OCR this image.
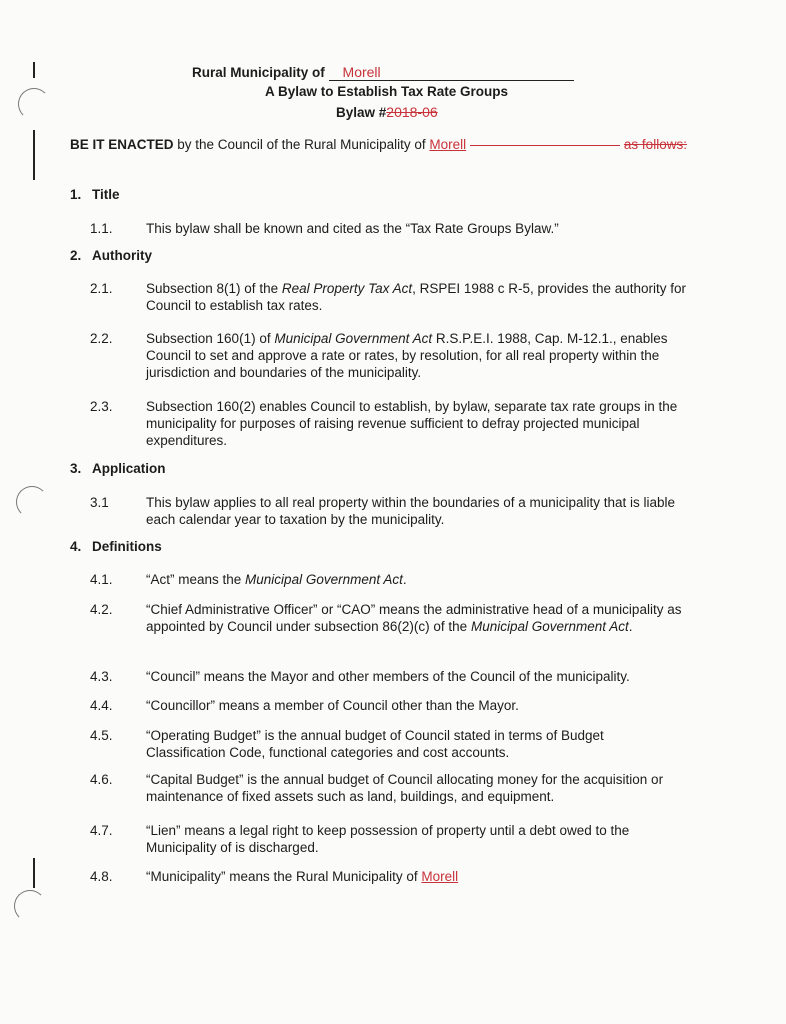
Rural Municipality of Morell
A Bylaw to Establish Tax Rate Groups
Bylaw #2018-06
BE IT ENACTED by the Council of the Rural Municipality of Morell	as follows:
1. Title
1.1.	This bylaw shall be known and cited as the “Tax Rate Groups Bylaw.”
2. Authority
2.1.	Subsection 8(1) of the Real Property Tax Act, RSPEI 1988 c R-5, provides the authority for Council to establish tax rates.
2.2.	Subsection 160(1) of Municipal Government Act R.S.P.E.I. 1988, Cap. M-12.1., enables Council to set and approve a rate or rates, by resolution, for all real property within the jurisdiction and boundaries of the municipality.
2.3.	Subsection 160(2) enables Council to establish, by bylaw, separate tax rate groups in the municipality for purposes of raising revenue sufficient to defray projected municipal expenditures.
3. Application
3.1	This bylaw applies to all real property within the boundaries of a municipality that is liable each calendar year to taxation by the municipality.
4. Definitions
4.1.	“Act” means the Municipal Government Act.
4.2.	“Chief Administrative Officer” or “CAO” means the administrative head of a municipality as appointed by Council under subsection 86(2)(c) of the Municipal Government Act.
4.3.	“Council” means the Mayor and other members of the Council of the municipality.
4.4.	“Councillor” means a member of Council other than the Mayor.
4.5.	“Operating Budget” is the annual budget of Council stated in terms of Budget Classification Code, functional categories and cost accounts.
4.6.	“Capital Budget” is the annual budget of Council allocating money for the acquisition or maintenance of fixed assets such as land, buildings, and equipment.
4.7.	“Lien” means a legal right to keep possession of property until a debt owed to the Municipality of is discharged.
4.8.	“Municipality” means the Rural Municipality of Morell
